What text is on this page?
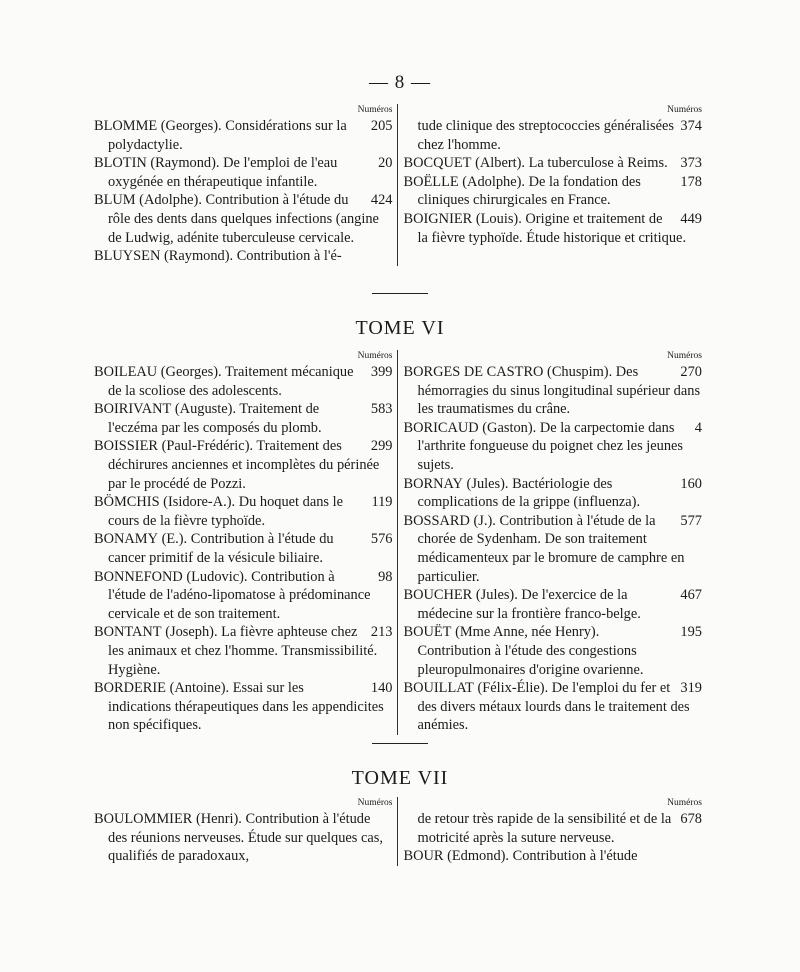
— 8 —
Numéros
205
BLOMME (Georges). Considérations sur la polydactylie.
20
BLOTIN (Raymond). De l'emploi de l'eau oxygénée en thérapeutique infantile.
424
BLUM (Adolphe). Contribution à l'étude du rôle des dents dans quelques infections (angine de Ludwig, adénite tuberculeuse cervicale.
BLUYSEN (Raymond). Contribution à l'é-
Numéros
374
tude clinique des streptococcies généralisées chez l'homme.
373
BOCQUET (Albert). La tuberculose à Reims.
178
BOËLLE (Adolphe). De la fondation des cliniques chirurgicales en France.
449
BOIGNIER (Louis). Origine et traitement de la fièvre typhoïde. Étude historique et critique.
TOME VI
Numéros
399
BOILEAU (Georges). Traitement mécanique de la scoliose des adolescents.
583
BOIRIVANT (Auguste). Traitement de l'eczéma par les composés du plomb.
299
BOISSIER (Paul-Frédéric). Traitement des déchirures anciennes et incomplètes du périnée par le procédé de Pozzi.
119
BÖMCHIS (Isidore-A.). Du hoquet dans le cours de la fièvre typhoïde.
576
BONAMY (E.). Contribution à l'étude du cancer primitif de la vésicule biliaire.
98
BONNEFOND (Ludovic). Contribution à l'étude de l'adéno-lipomatose à prédominance cervicale et de son traitement.
213
BONTANT (Joseph). La fièvre aphteuse chez les animaux et chez l'homme. Transmissibilité. Hygiène.
140
BORDERIE (Antoine). Essai sur les indications thérapeutiques dans les appendicites non spécifiques.
Numéros
270
BORGES DE CASTRO (Chuspim). Des hémorragies du sinus longitudinal supérieur dans les traumatismes du crâne.
4
BORICAUD (Gaston). De la carpectomie dans l'arthrite fongueuse du poignet chez les jeunes sujets.
160
BORNAY (Jules). Bactériologie des complications de la grippe (influenza).
577
BOSSARD (J.). Contribution à l'étude de la chorée de Sydenham. De son traitement médicamenteux par le bromure de camphre en particulier.
467
BOUCHER (Jules). De l'exercice de la médecine sur la frontière franco-belge.
195
BOUËT (Mme Anne, née Henry). Contribution à l'étude des congestions pleuropulmonaires d'origine ovarienne.
319
BOUILLAT (Félix-Élie). De l'emploi du fer et des divers métaux lourds dans le traitement des anémies.
TOME VII
Numéros
BOULOMMIER (Henri). Contribution à l'étude des réunions nerveuses. Étude sur quelques cas, qualifiés de paradoxaux,
Numéros
678
de retour très rapide de la sensibilité et de la motricité après la suture nerveuse.
BOUR (Edmond). Contribution à l'étude
